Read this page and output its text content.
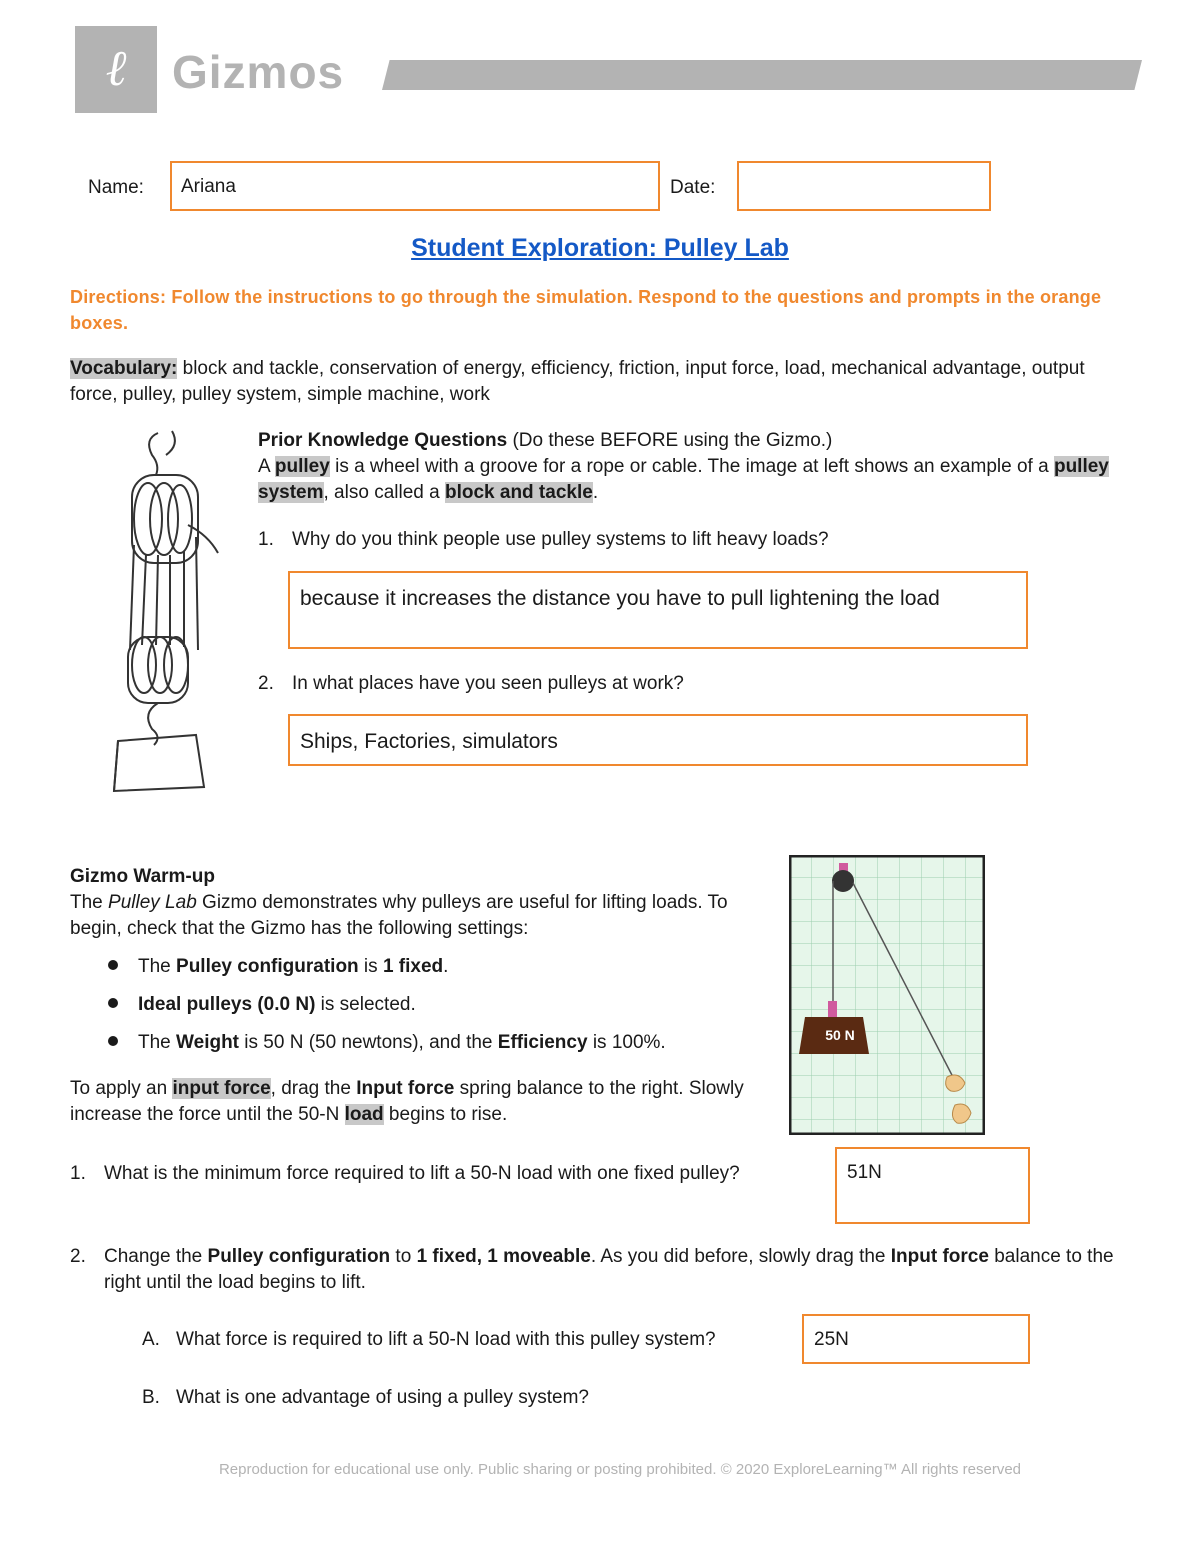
ℓ Gizmos
Name:	Ariana	Date:
Student Exploration: Pulley Lab
Directions: Follow the instructions to go through the simulation. Respond to the questions and prompts in the orange boxes.
Vocabulary: block and tackle, conservation of energy, efficiency, friction, input force, load, mechanical advantage, output force, pulley, pulley system, simple machine, work
Prior Knowledge Questions (Do these BEFORE using the Gizmo.)
A pulley is a wheel with a groove for a rope or cable. The image at left shows an example of a pulley system, also called a block and tackle.
1. Why do you think people use pulley systems to lift heavy loads?
because it increases the distance you have to pull lightening the load
2. In what places have you seen pulleys at work?
Ships, Factories, simulators
Gizmo Warm-up
The Pulley Lab Gizmo demonstrates why pulleys are useful for lifting loads. To begin, check that the Gizmo has the following settings:
The Pulley configuration is 1 fixed.
Ideal pulleys (0.0 N) is selected.
The Weight is 50 N (50 newtons), and the Efficiency is 100%.
To apply an input force, drag the Input force spring balance to the right. Slowly increase the force until the 50-N load begins to rise.
50 N
1. What is the minimum force required to lift a 50-N load with one fixed pulley?	51N
2. Change the Pulley configuration to 1 fixed, 1 moveable. As you did before, slowly drag the Input force balance to the right until the load begins to lift.
A. What force is required to lift a 50-N load with this pulley system?	25N
B. What is one advantage of using a pulley system?
Reproduction for educational use only. Public sharing or posting prohibited. © 2020 ExploreLearning™ All rights reserved
